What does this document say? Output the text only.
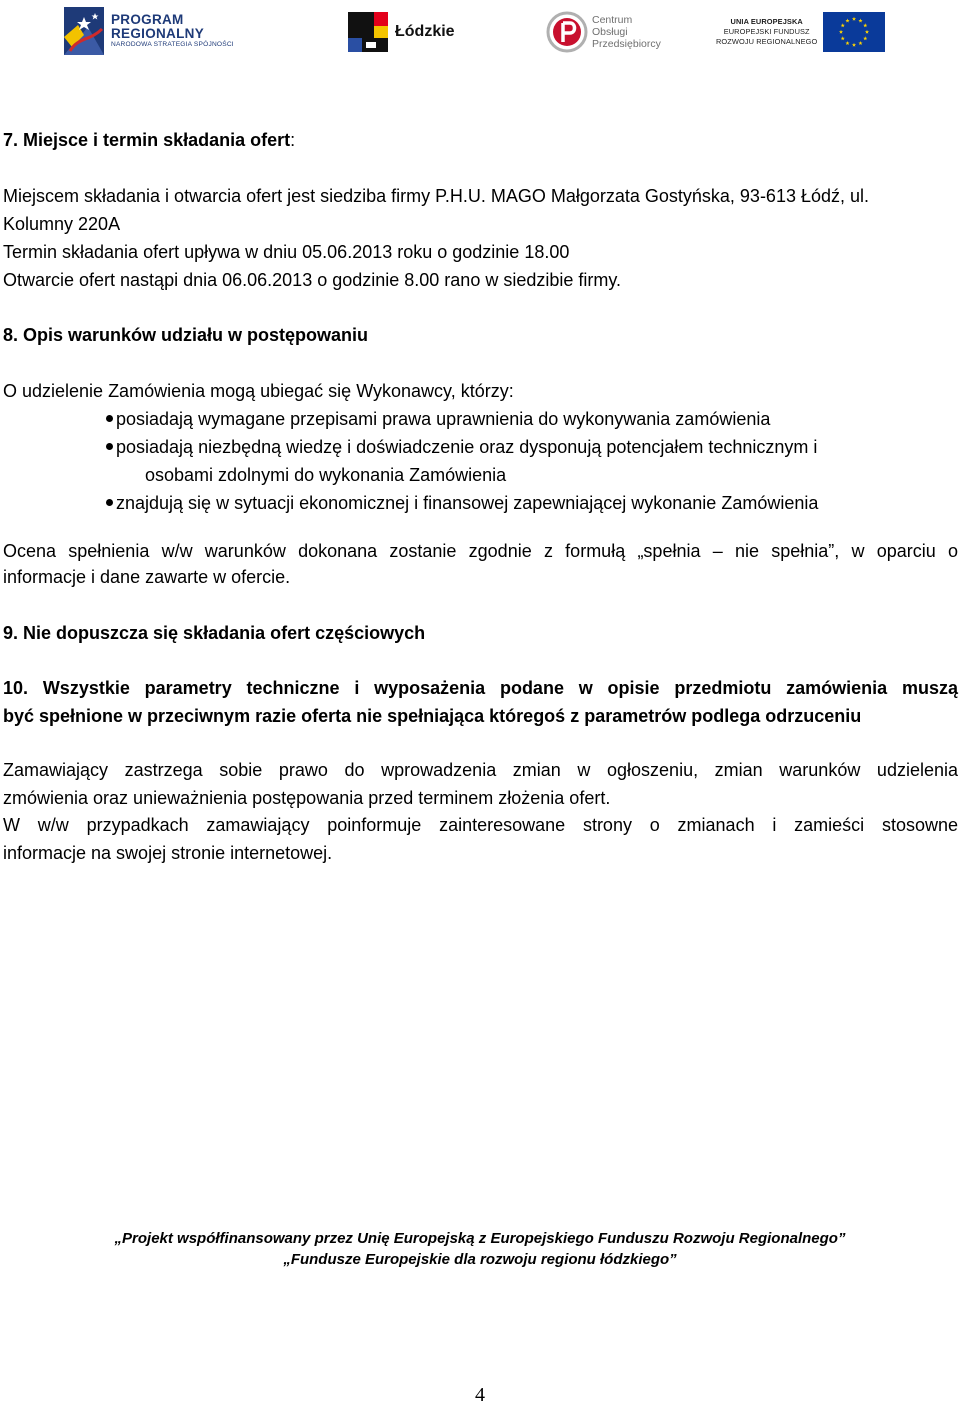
PROGRAM
REGIONALNY
NARODOWA STRATEGIA SPÓJNOŚCI
Łódzkie
Centrum
Obsługi
Przedsiębiorcy
UNIA EUROPEJSKA
EUROPEJSKI FUNDUSZ
ROZWOJU REGIONALNEGO
7. Miejsce i termin składania ofert:
Miejscem składania i otwarcia ofert jest siedziba firmy P.H.U. MAGO Małgorzata Gostyńska, 93-613 Łódź, ul.
Kolumny 220A
Termin składania ofert upływa w dniu 05.06.2013 roku o godzinie 18.00
Otwarcie ofert nastąpi dnia 06.06.2013 o godzinie 8.00 rano w siedzibie firmy.
8. Opis warunków udziału w postępowaniu
O udzielenie Zamówienia mogą ubiegać się Wykonawcy, którzy:
posiadają wymagane przepisami prawa uprawnienia do wykonywania zamówienia
posiadają niezbędną wiedzę i doświadczenie oraz dysponują potencjałem technicznym i
osobami zdolnymi do wykonania Zamówienia
znajdują się w sytuacji ekonomicznej i finansowej zapewniającej wykonanie Zamówienia
Ocena spełnienia w/w warunków dokonana zostanie zgodnie z formułą „spełnia – nie spełnia”, w oparciu o
informacje i dane zawarte w ofercie.
9. Nie dopuszcza się składania ofert częściowych
10. Wszystkie parametry techniczne i wyposażenia podane w opisie przedmiotu zamówienia muszą
być spełnione w przeciwnym razie oferta nie spełniająca któregoś z parametrów podlega odrzuceniu
Zamawiający zastrzega sobie prawo do wprowadzenia zmian w ogłoszeniu, zmian warunków udzielenia
zmówienia oraz unieważnienia postępowania przed terminem złożenia ofert.
W w/w przypadkach zamawiający poinformuje zainteresowane strony o zmianach i zamieści stosowne
informacje na swojej stronie internetowej.
„Projekt współfinansowany przez Unię Europejską z Europejskiego Funduszu Rozwoju Regionalnego”
„Fundusze Europejskie dla rozwoju regionu łódzkiego”
4
